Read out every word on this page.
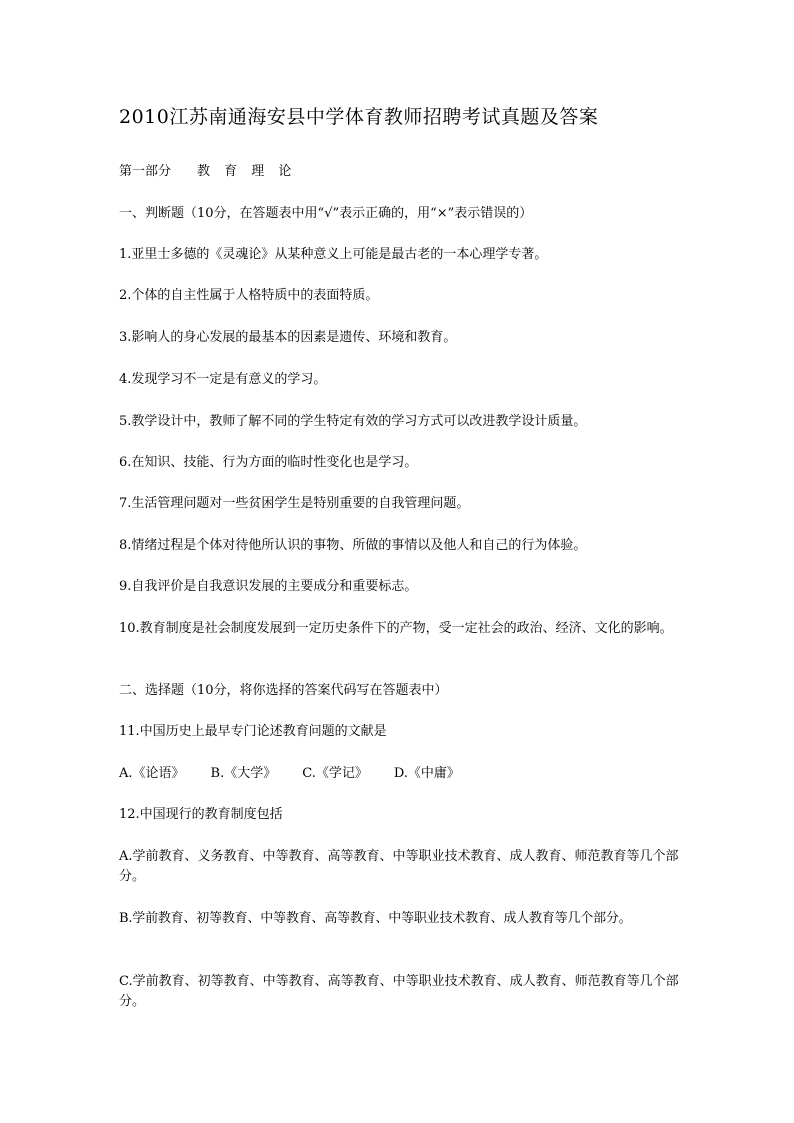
2010江苏南通海安县中学体育教师招聘考试真题及答案
第一部分 教 育 理 论
一、判断题（10分，在答题表中用“√”表示正确的，用“×”表示错误的）
1.亚里士多德的《灵魂论》从某种意义上可能是最古老的一本心理学专著。
2.个体的自主性属于人格特质中的表面特质。
3.影响人的身心发展的最基本的因素是遗传、环境和教育。
4.发现学习不一定是有意义的学习。
5.教学设计中，教师了解不同的学生特定有效的学习方式可以改进教学设计质量。
6.在知识、技能、行为方面的临时性变化也是学习。
7.生活管理问题对一些贫困学生是特别重要的自我管理问题。
8.情绪过程是个体对待他所认识的事物、所做的事情以及他人和自己的行为体验。
9.自我评价是自我意识发展的主要成分和重要标志。
10.教育制度是社会制度发展到一定历史条件下的产物，受一定社会的政治、经济、文化的影响。
二、选择题（10分，将你选择的答案代码写在答题表中）
11.中国历史上最早专门论述教育问题的文献是
A.《论语》 B.《大学》 C.《学记》 D.《中庸》
12.中国现行的教育制度包括
A.学前教育、义务教育、中等教育、高等教育、中等职业技术教育、成人教育、师范教育等几个部分。
B.学前教育、初等教育、中等教育、高等教育、中等职业技术教育、成人教育等几个部分。
C.学前教育、初等教育、中等教育、高等教育、中等职业技术教育、成人教育、师范教育等几个部分。
